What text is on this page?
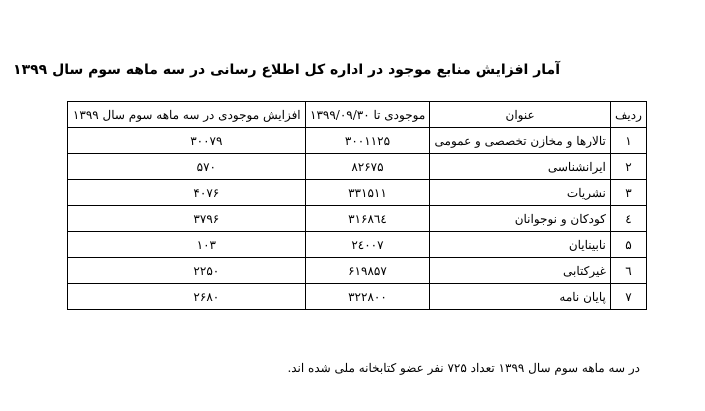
آمار افزایش منابع موجود در اداره کل اطلاع رسانی در سه ماهه سوم سال ۱۳۹۹
ردیف	عنوان	موجودی تا ۱۳۹۹/۰۹/۳۰	افزایش موجودی در سه ماهه سوم سال ۱۳۹۹
۱	تالارها و مخازن تخصصی و عمومی	۳۰۰۱۱۲۵	۳۰۰۷۹
۲	ایرانشناسی	۸۲۶۷۵	۵۷۰
۳	نشریات	۳۳۱۵۱۱	۴۰۷۶
٤	کودکان و نوجوانان	۳۱۶۸٦٤	۳۷۹۶
۵	نابینایان	۲٤۰۰۷	۱۰۳
٦	غیرکتابی	۶۱۹۸۵۷	۲۲۵۰
۷	پایان نامه	۳۲۲۸۰۰	۲۶۸۰
در سه ماهه سوم سال ۱۳۹۹ تعداد ۷۲۵ نفر عضو کتابخانه ملی شده اند.
